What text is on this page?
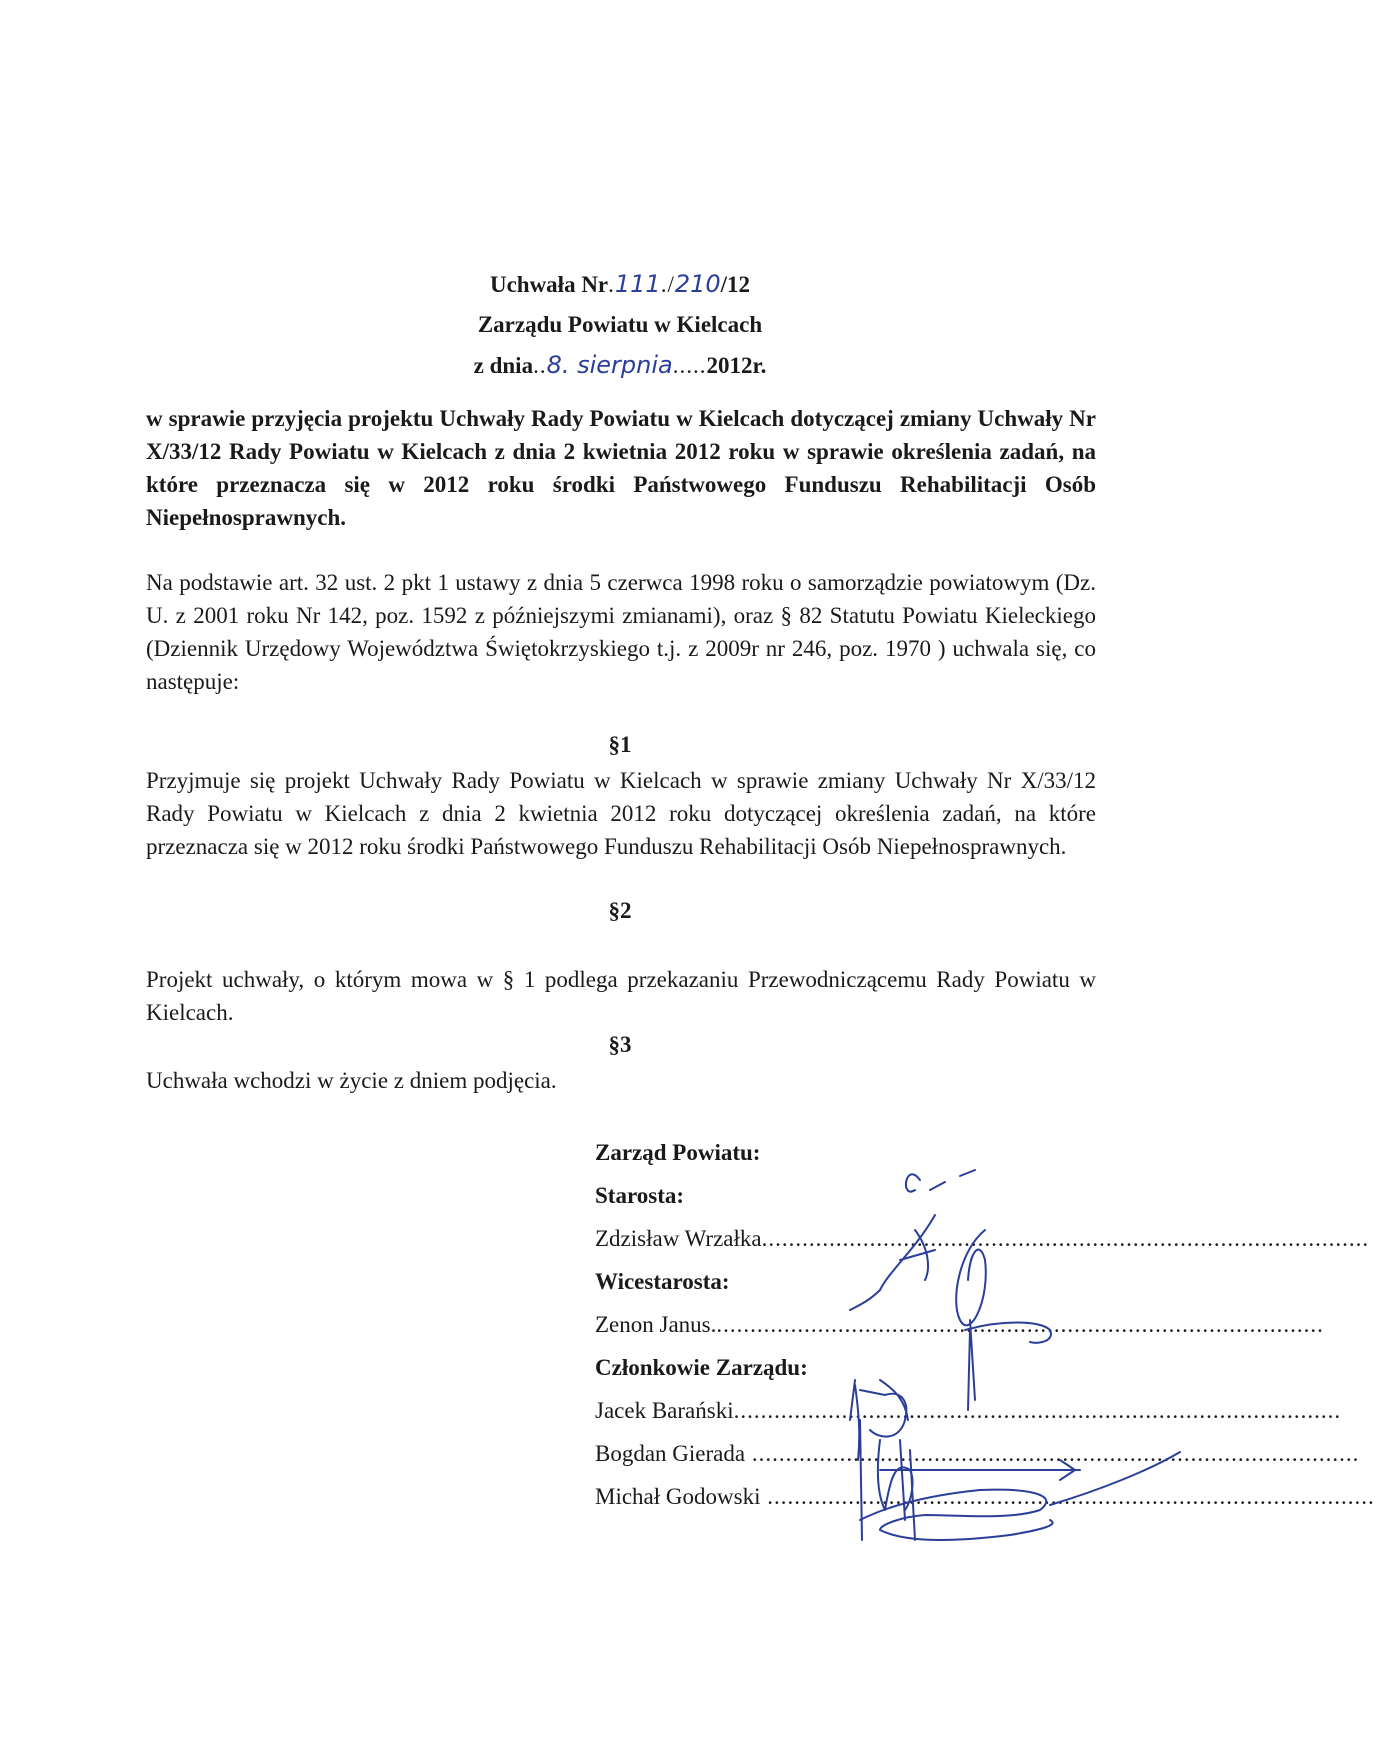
Uchwała Nr.111./210/12
Zarządu Powiatu w Kielcach
z dnia..8. sierpnia.....2012r.
w sprawie przyjęcia projektu Uchwały Rady Powiatu w Kielcach dotyczącej zmiany Uchwały Nr X/33/12 Rady Powiatu w Kielcach z dnia 2 kwietnia 2012 roku w sprawie określenia zadań, na które przeznacza się w 2012 roku środki Państwowego Funduszu Rehabilitacji Osób Niepełnosprawnych.
Na podstawie art. 32 ust. 2 pkt 1 ustawy z dnia 5 czerwca 1998 roku o samorządzie powiatowym (Dz. U. z 2001 roku Nr 142, poz. 1592 z późniejszymi zmianami), oraz § 82 Statutu Powiatu Kieleckiego (Dziennik Urzędowy Województwa Świętokrzyskiego t.j. z 2009r nr 246, poz. 1970 ) uchwala się, co następuje:
§1
Przyjmuje się projekt Uchwały Rady Powiatu w Kielcach w sprawie zmiany Uchwały Nr X/33/12 Rady Powiatu w Kielcach z dnia 2 kwietnia 2012 roku dotyczącej określenia zadań, na które przeznacza się w 2012 roku środki Państwowego Funduszu Rehabilitacji Osób Niepełnosprawnych.
§2
Projekt uchwały, o którym mowa w § 1 podlega przekazaniu Przewodniczącemu Rady Powiatu w Kielcach.
§3
Uchwała wchodzi w życie z dniem podjęcia.
Zarząd Powiatu:
Starosta:
Zdzisław Wrzałka ..........................................................................................
Wicestarosta:
Zenon Janus. ..........................................................................................
Członkowie Zarządu:
Jacek Barański ..........................................................................................
Bogdan Gierada ..........................................................................................
Michał Godowski ..........................................................................................
